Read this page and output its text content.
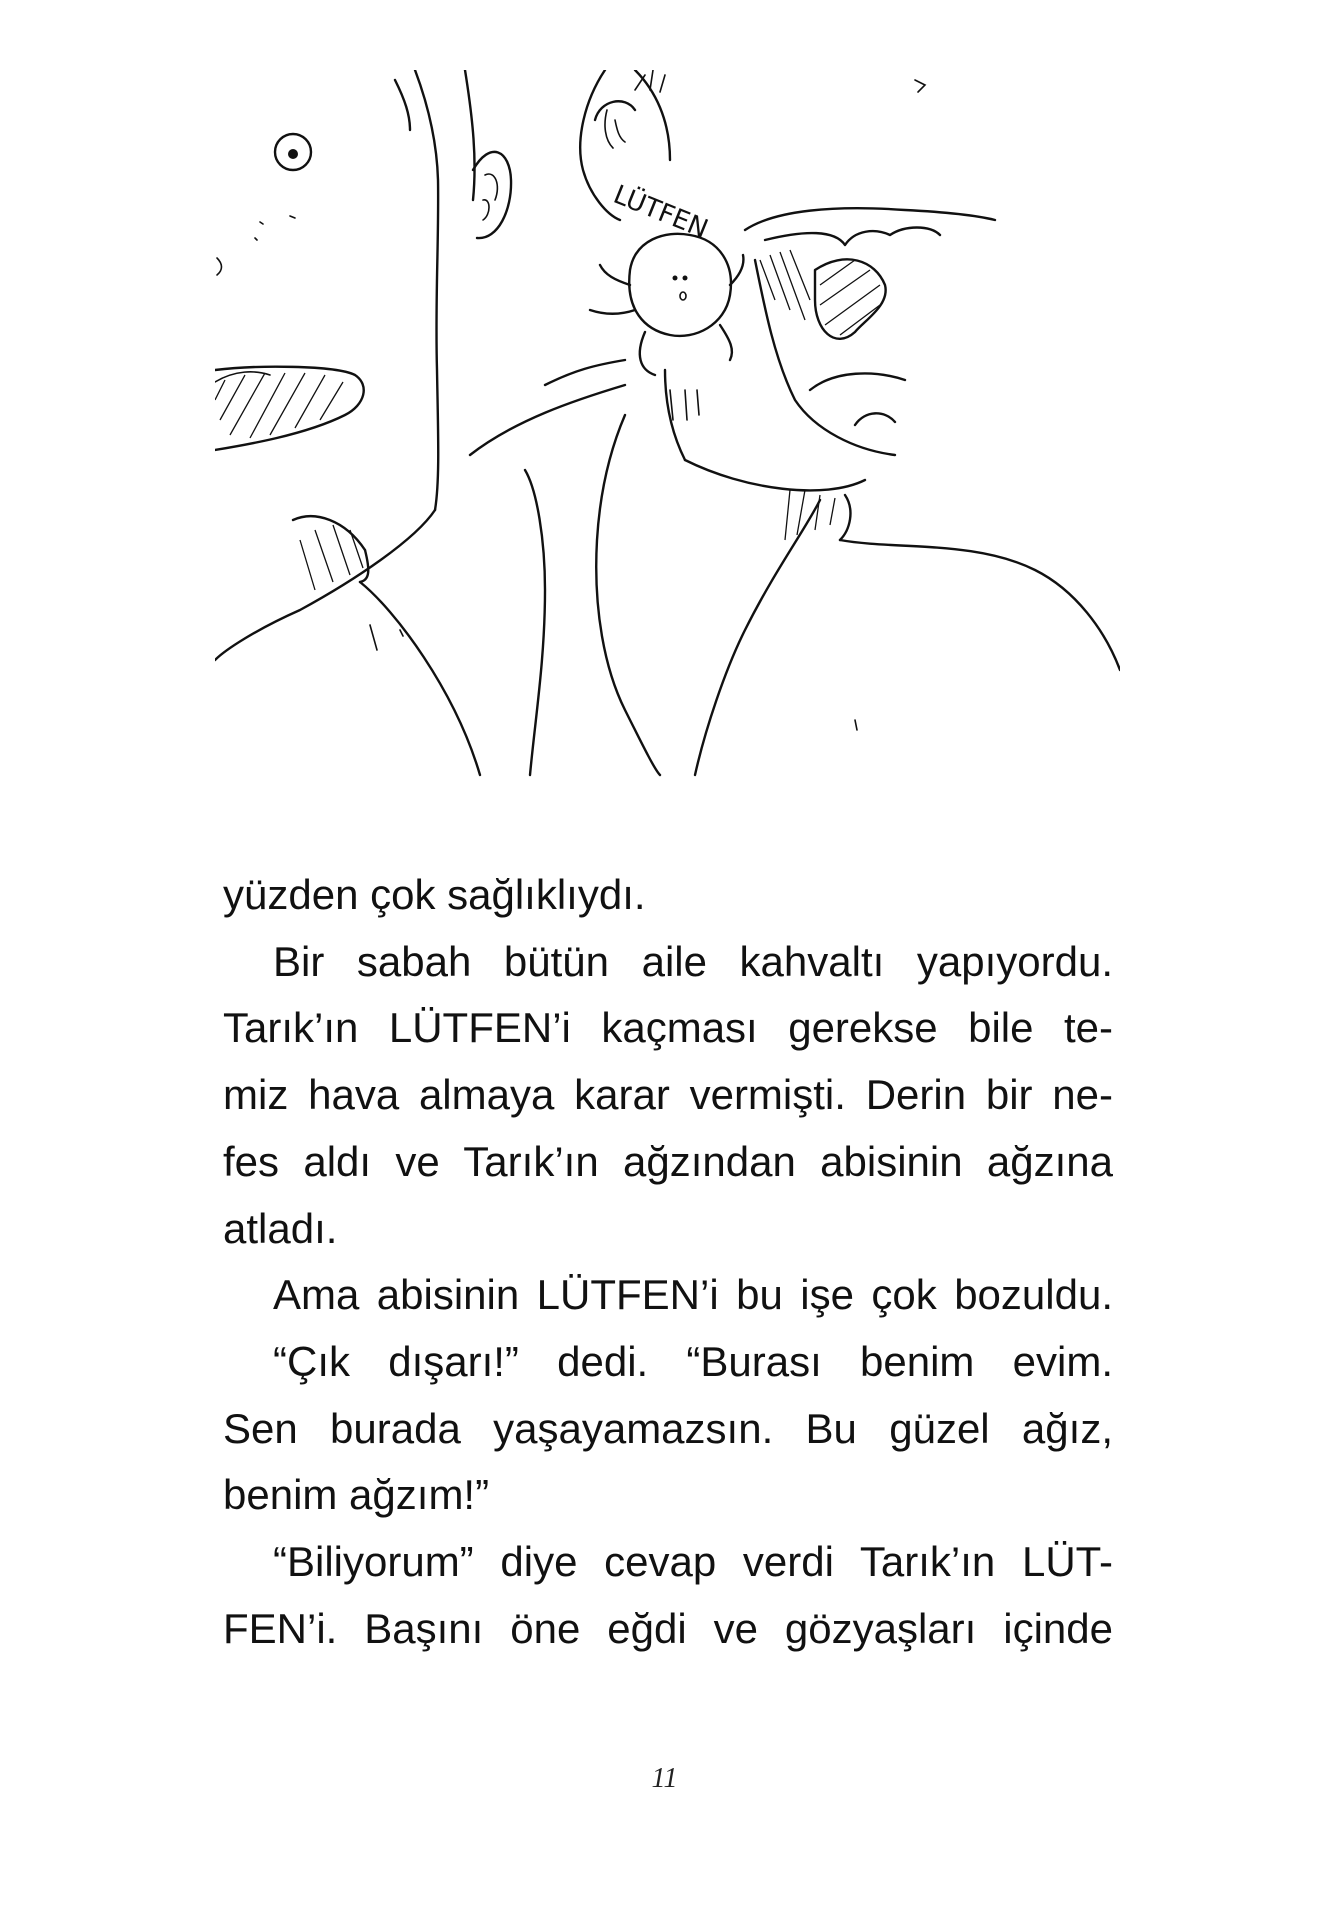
LÜTFEN

yüzden çok sağlıklıydı.

Bir sabah bütün aile kahvaltı yapıyordu.
Tarık’ın LÜTFEN’i kaçması gerekse bile te-
miz hava almaya karar vermişti. Derin bir ne-
fes aldı ve Tarık’ın ağzından abisinin ağzına
atladı.

Ama abisinin LÜTFEN’i bu işe çok bozuldu.

“Çık dışarı!” dedi. “Burası benim evim.
Sen burada yaşayamazsın. Bu güzel ağız,
benim ağzım!”

“Biliyorum” diye cevap verdi Tarık’ın LÜT-
FEN’i. Başını öne eğdi ve gözyaşları içinde

11
